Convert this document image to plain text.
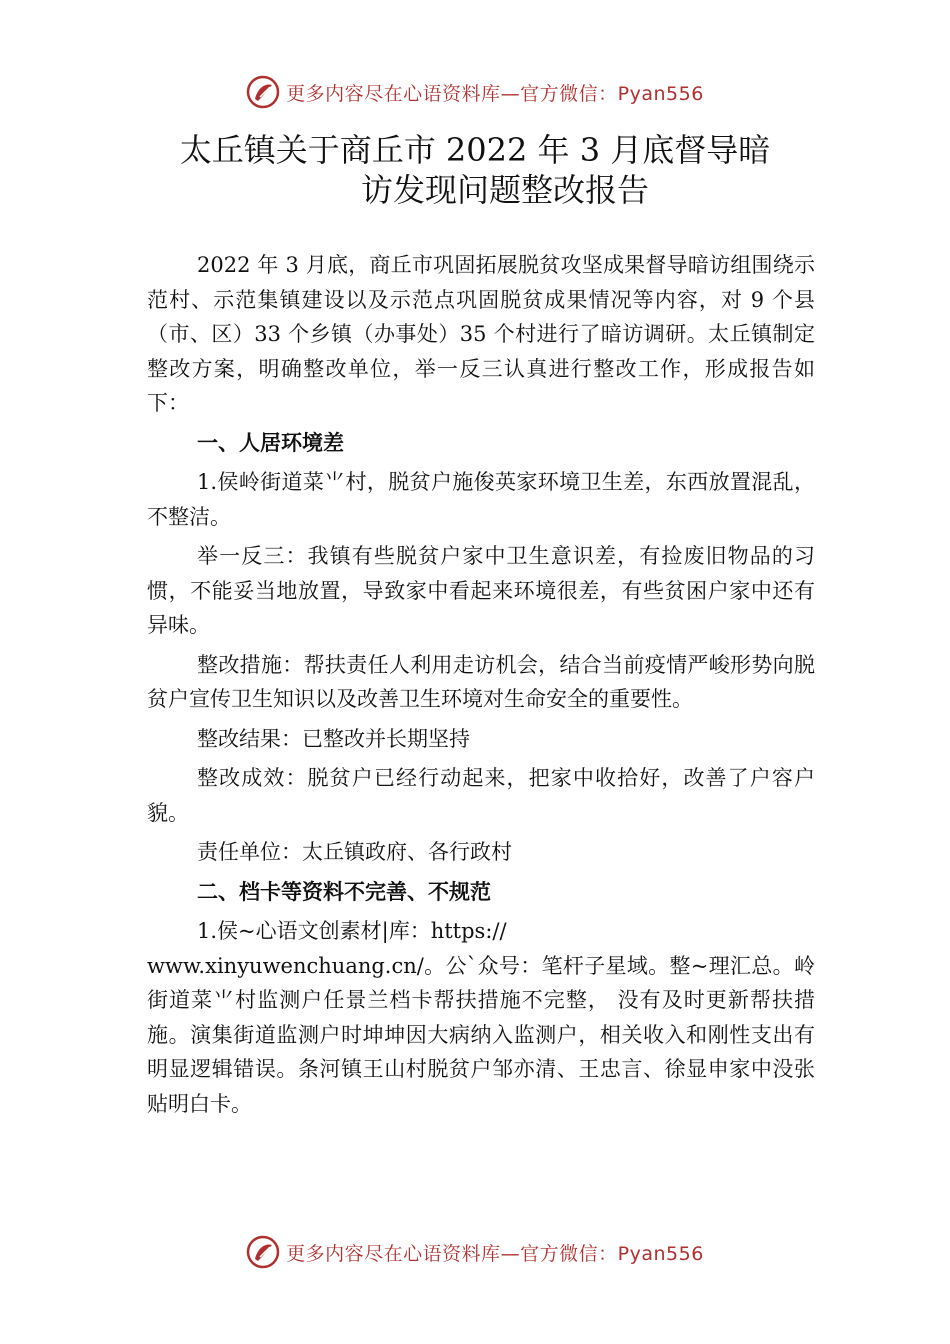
更多内容尽在心语资料库—官方微信：Pyan556
太丘镇关于商丘市 2022 年 3 月底督导暗
访发现问题整改报告

2022 年 3 月底，商丘市巩固拓展脱贫攻坚成果督导暗访组围绕示范村、示范集镇建设以及示范点巩固脱贫成果情况等内容，对 9 个县（市、区）33 个乡镇（办事处）35 个村进行了暗访调研。太丘镇制定整改方案，明确整改单位，举一反三认真进行整改工作，形成报告如下：

一、人居环境差

1.侯岭街道菜⺌村，脱贫户施俊英家环境卫生差，东西放置混乱，不整洁。

举一反三：我镇有些脱贫户家中卫生意识差，有捡废旧物品的习惯，不能妥当地放置，导致家中看起来环境很差，有些贫困户家中还有异味。

整改措施：帮扶责任人利用走访机会，结合当前疫情严峻形势向脱贫户宣传卫生知识以及改善卫生环境对生命安全的重要性。

整改结果：已整改并长期坚持

整改成效：脱贫户已经行动起来，把家中收拾好，改善了户容户貌。

责任单位：太丘镇政府、各行政村

二、档卡等资料不完善、不规范

1.侯~心语文创素材|库：https://

www.xinyuwenchuang.cn/。公`众号：笔杆子星域。整~理汇总。岭街道菜⺌村监测户任景兰档卡帮扶措施不完整， 没有及时更新帮扶措施。演集街道监测户时坤坤因大病纳入监测户，相关收入和刚性支出有明显逻辑错误。条河镇王山村脱贫户邹亦清、王忠言、徐显申家中没张贴明白卡。

更多内容尽在心语资料库—官方微信：Pyan556
